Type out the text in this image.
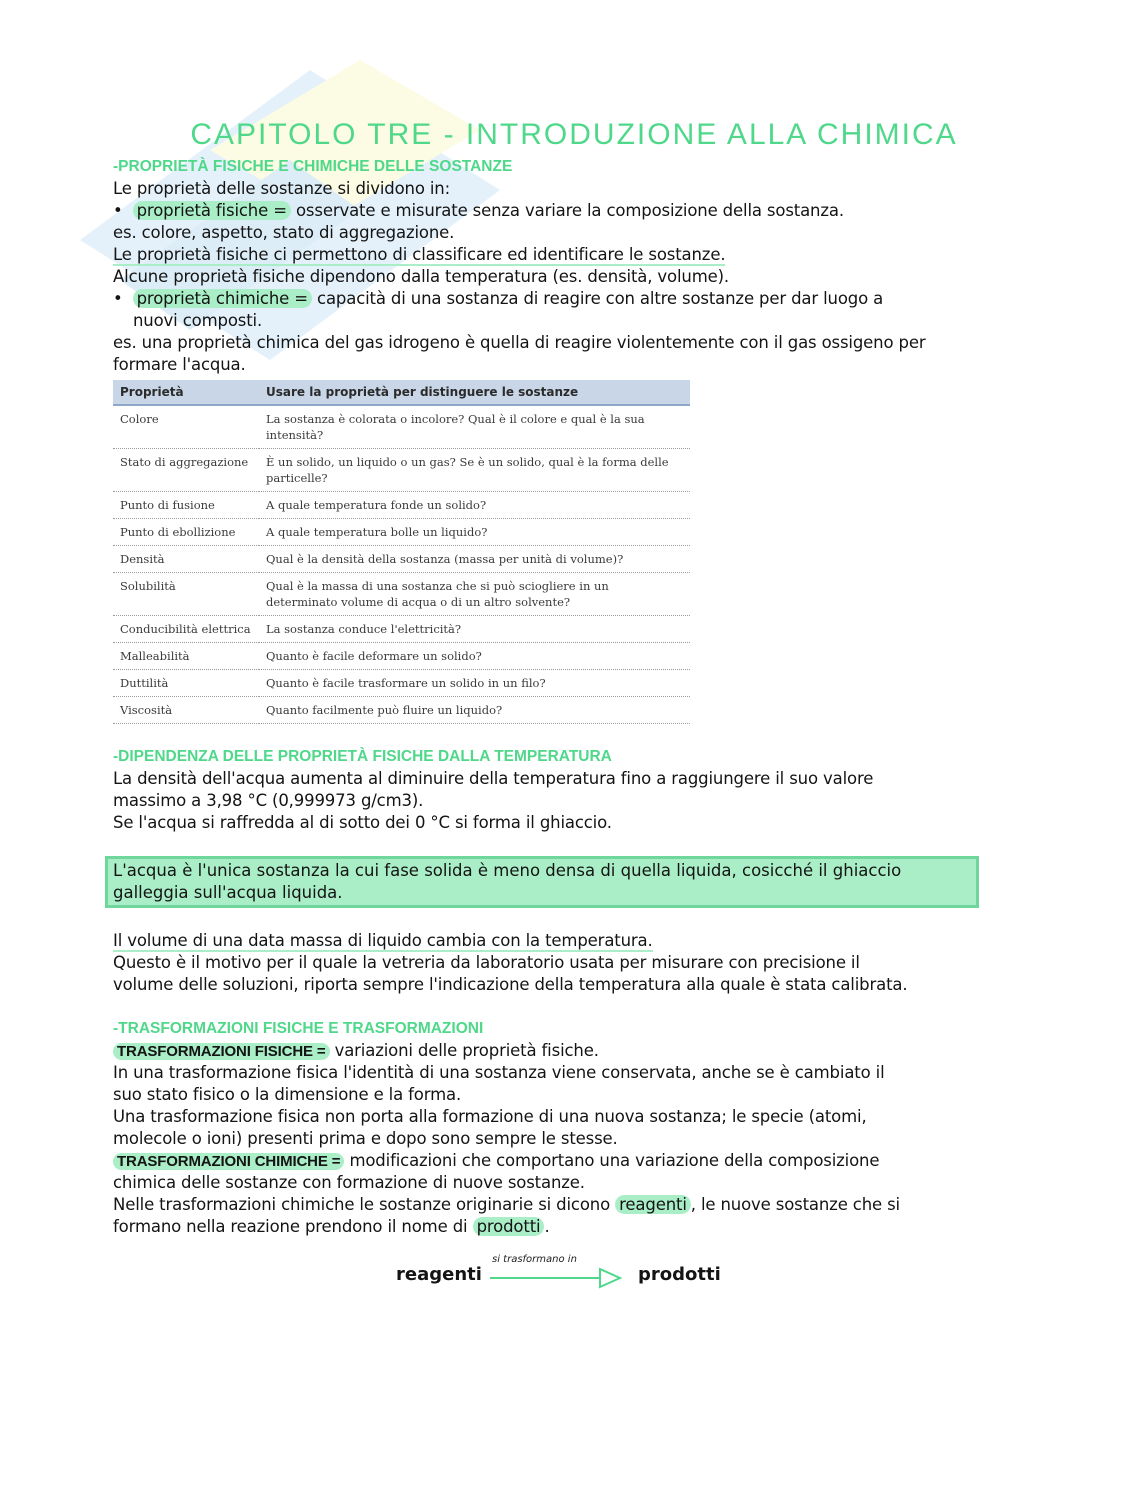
CAPITOLO TRE - INTRODUZIONE ALLA CHIMICA
-PROPRIETÀ FISICHE E CHIMICHE DELLE SOSTANZE
Le proprietà delle sostanze si dividono in:
• proprietà fisiche = osservate e misurate senza variare la composizione della sostanza.
es. colore, aspetto, stato di aggregazione.
Le proprietà fisiche ci permettono di classificare ed identificare le sostanze.
Alcune proprietà fisiche dipendono dalla temperatura (es. densità, volume).
• proprietà chimiche = capacità di una sostanza di reagire con altre sostanze per dar luogo a
nuovi composti.
es. una proprietà chimica del gas idrogeno è quella di reagire violentemente con il gas ossigeno per
formare l'acqua.
Proprietà	Usare la proprietà per distinguere le sostanze
Colore	La sostanza è colorata o incolore? Qual è il colore e qual è la sua intensità?
Stato di aggregazione	È un solido, un liquido o un gas? Se è un solido, qual è la forma delle particelle?
Punto di fusione	A quale temperatura fonde un solido?
Punto di ebollizione	A quale temperatura bolle un liquido?
Densità	Qual è la densità della sostanza (massa per unità di volume)?
Solubilità	Qual è la massa di una sostanza che si può sciogliere in un determinato volume di acqua o di un altro solvente?
Conducibilità elettrica	La sostanza conduce l'elettricità?
Malleabilità	Quanto è facile deformare un solido?
Duttilità	Quanto è facile trasformare un solido in un filo?
Viscosità	Quanto facilmente può fluire un liquido?
-DIPENDENZA DELLE PROPRIETÀ FISICHE DALLA TEMPERATURA
La densità dell'acqua aumenta al diminuire della temperatura fino a raggiungere il suo valore
massimo a 3,98 °C (0,999973 g/cm3).
Se l'acqua si raffredda al di sotto dei 0 °C si forma il ghiaccio.
L'acqua è l'unica sostanza la cui fase solida è meno densa di quella liquida, cosicché il ghiaccio
galleggia sull'acqua liquida.
Il volume di una data massa di liquido cambia con la temperatura.
Questo è il motivo per il quale la vetreria da laboratorio usata per misurare con precisione il
volume delle soluzioni, riporta sempre l'indicazione della temperatura alla quale è stata calibrata.
-TRASFORMAZIONI FISICHE E TRASFORMAZIONI
TRASFORMAZIONI FISICHE = variazioni delle proprietà fisiche.
In una trasformazione fisica l'identità di una sostanza viene conservata, anche se è cambiato il
suo stato fisico o la dimensione e la forma.
Una trasformazione fisica non porta alla formazione di una nuova sostanza; le specie (atomi,
molecole o ioni) presenti prima e dopo sono sempre le stesse.
TRASFORMAZIONI CHIMICHE = modificazioni che comportano una variazione della composizione
chimica delle sostanze con formazione di nuove sostanze.
Nelle trasformazioni chimiche le sostanze originarie si dicono reagenti , le nuove sostanze che si
formano nella reazione prendono il nome di prodotti .
reagenti
si trasformano in
prodotti
